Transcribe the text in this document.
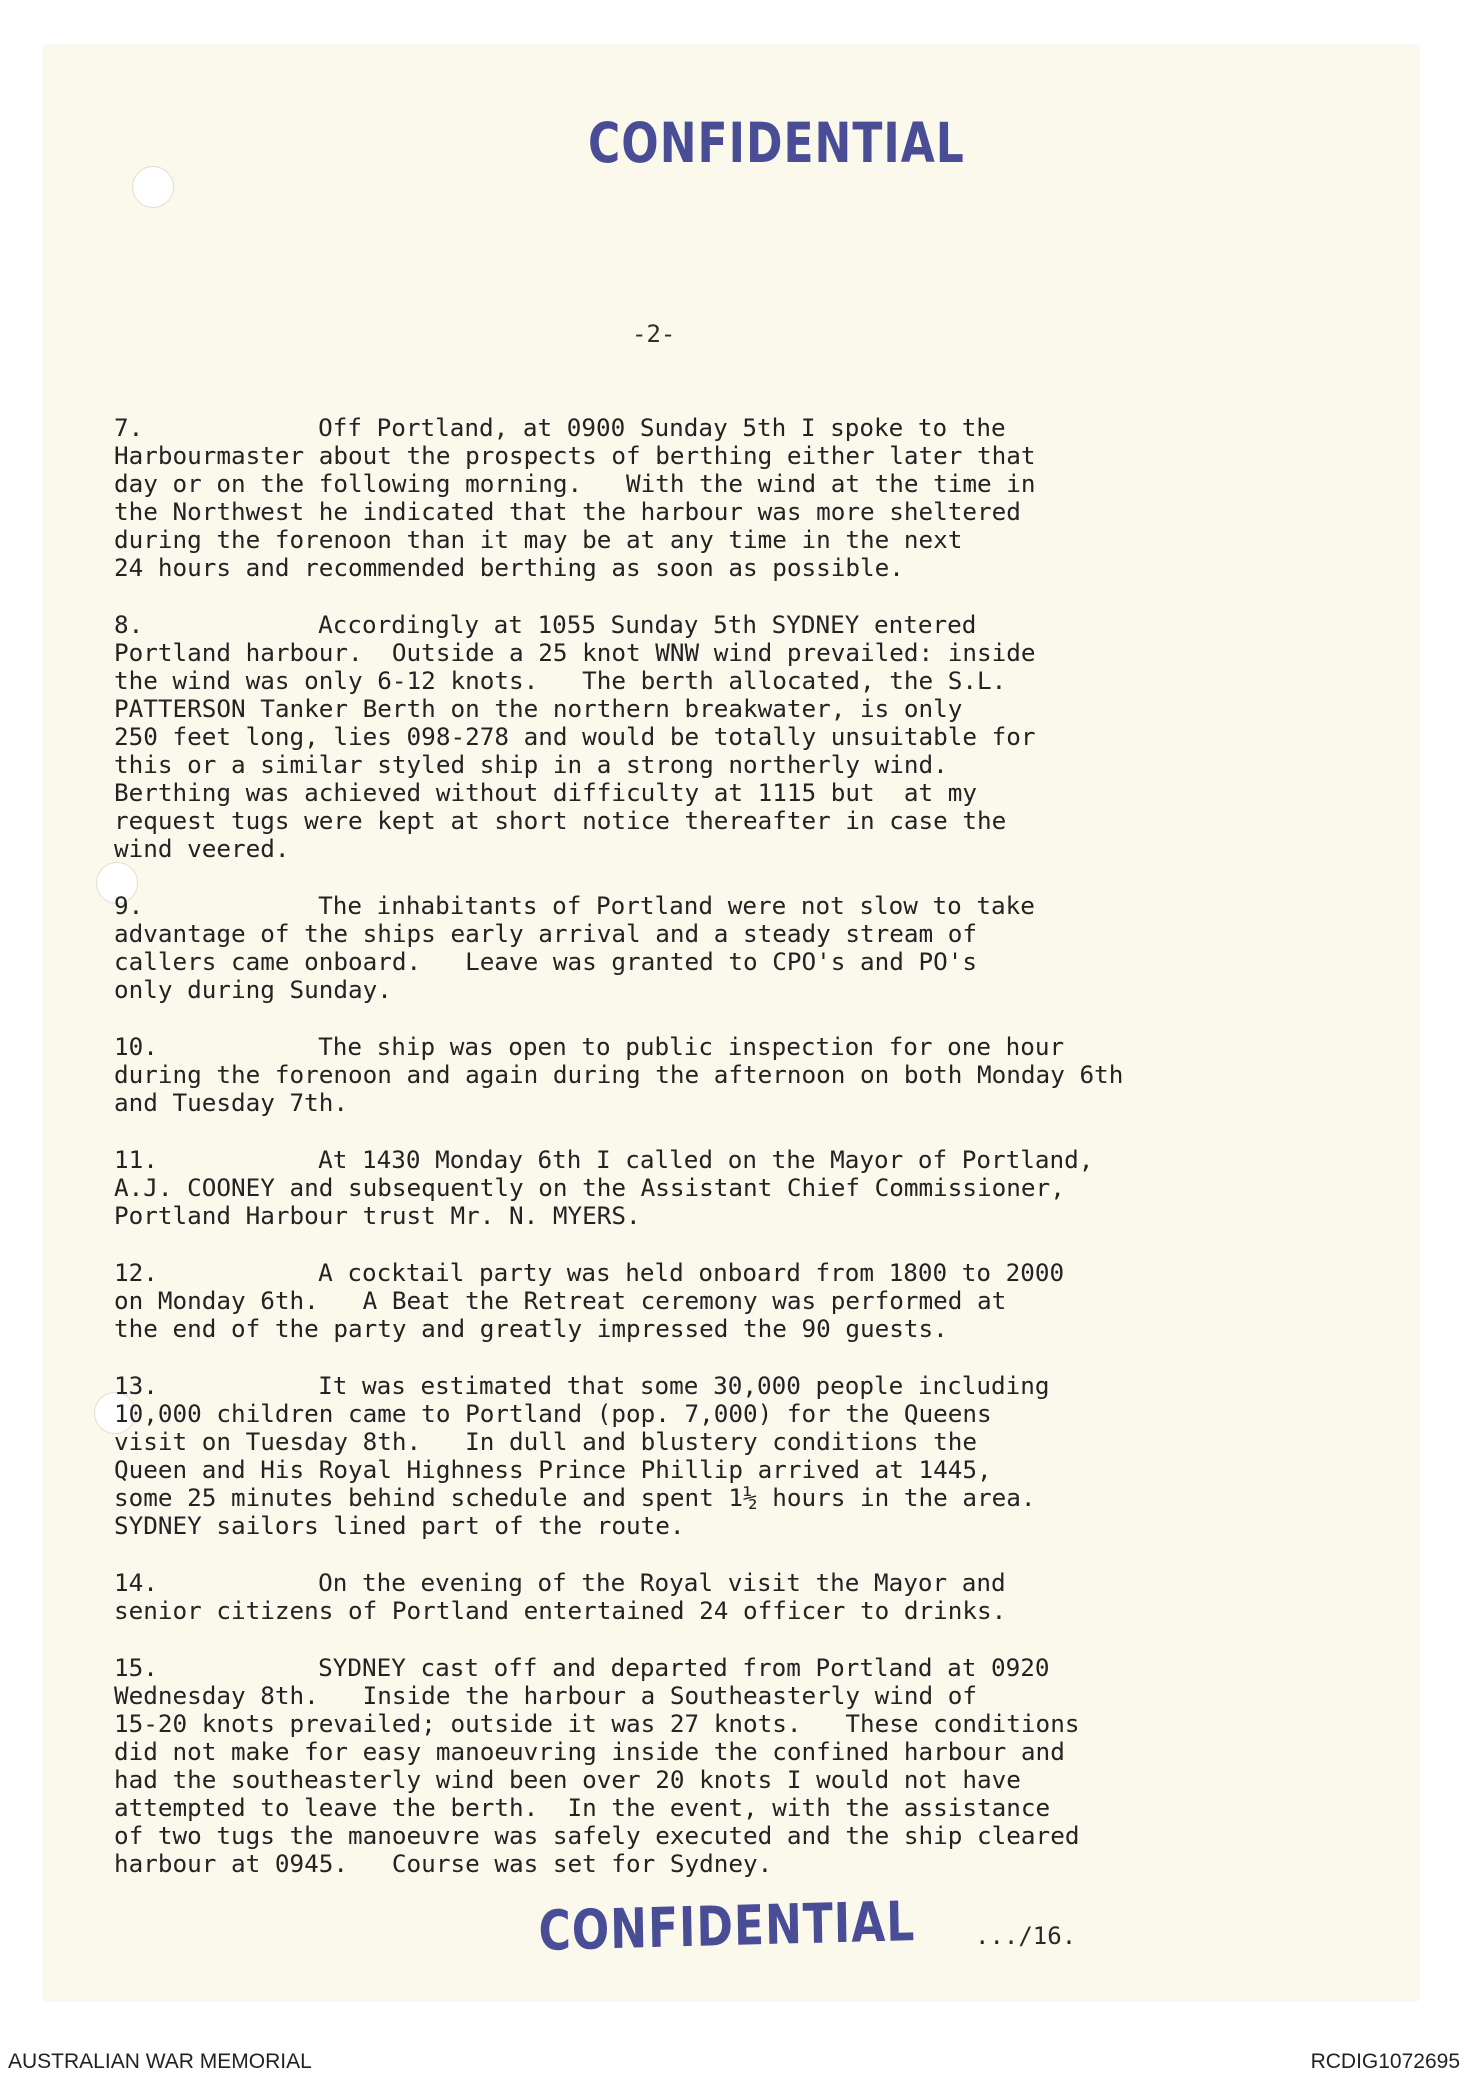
CONFIDENTIAL
-2-
7.	Off Portland, at 0900 Sunday 5th I spoke to the
Harbourmaster about the prospects of berthing either later that
day or on the following morning.   With the wind at the time in
the Northwest he indicated that the harbour was more sheltered
during the forenoon than it may be at any time in the next
24 hours and recommended berthing as soon as possible.
8.	Accordingly at 1055 Sunday 5th SYDNEY entered
Portland harbour.  Outside a 25 knot WNW wind prevailed: inside
the wind was only 6-12 knots.   The berth allocated, the S.L.
PATTERSON Tanker Berth on the northern breakwater, is only
250 feet long, lies 098-278 and would be totally unsuitable for
this or a similar styled ship in a strong northerly wind.
Berthing was achieved without difficulty at 1115 but  at my
request tugs were kept at short notice thereafter in case the
wind veered.
9.	The inhabitants of Portland were not slow to take
advantage of the ships early arrival and a steady stream of
callers came onboard.   Leave was granted to CPO's and PO's
only during Sunday.
10.	The ship was open to public inspection for one hour
during the forenoon and again during the afternoon on both Monday 6th
and Tuesday 7th.
11.	At 1430 Monday 6th I called on the Mayor of Portland,
A.J. COONEY and subsequently on the Assistant Chief Commissioner,
Portland Harbour trust Mr. N. MYERS.
12.	A cocktail party was held onboard from 1800 to 2000
on Monday 6th.   A Beat the Retreat ceremony was performed at
the end of the party and greatly impressed the 90 guests.
13.	It was estimated that some 30,000 people including
10,000 children came to Portland (pop. 7,000) for the Queens
visit on Tuesday 8th.   In dull and blustery conditions the
Queen and His Royal Highness Prince Phillip arrived at 1445,
some 25 minutes behind schedule and spent 1½ hours in the area.
SYDNEY sailors lined part of the route.
14.	On the evening of the Royal visit the Mayor and
senior citizens of Portland entertained 24 officer to drinks.
15.	SYDNEY cast off and departed from Portland at 0920
Wednesday 8th.   Inside the harbour a Southeasterly wind of
15-20 knots prevailed; outside it was 27 knots.   These conditions
did not make for easy manoeuvring inside the confined harbour and
had the southeasterly wind been over 20 knots I would not have
attempted to leave the berth.  In the event, with the assistance
of two tugs the manoeuvre was safely executed and the ship cleared
harbour at 0945.   Course was set for Sydney.
CONFIDENTIAL .../16.
AUSTRALIAN WAR MEMORIAL	RCDIG1072695
